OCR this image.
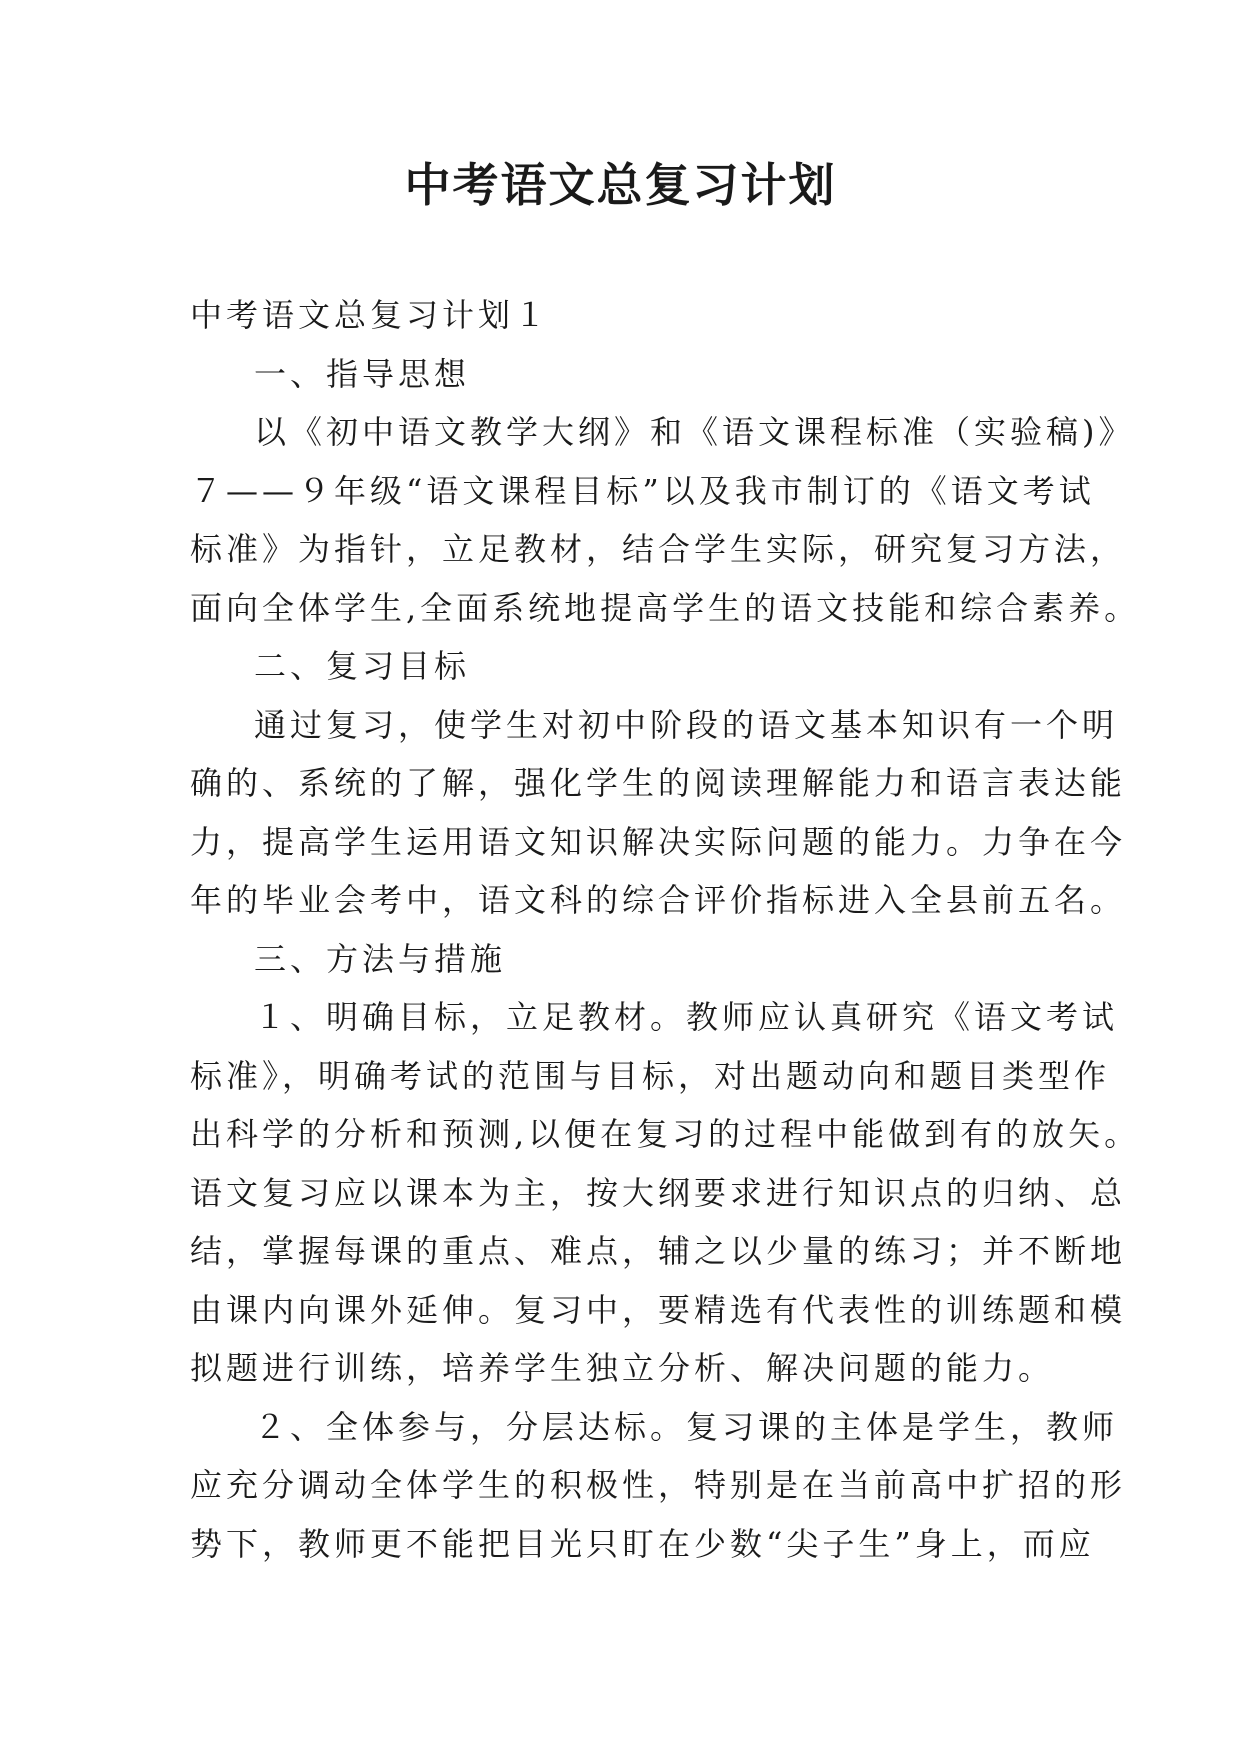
中考语文总复习计划
中考语文总复习计划１
一、指导思想
以《初中语文教学大纲》和《语文课程标准（实验稿)》
７——９年级“语文课程目标”以及我市制订的《语文考试
标准》为指针，立足教材，结合学生实际，研究复习方法，
面向全体学生,全面系统地提高学生的语文技能和综合素养。
二、复习目标
通过复习，使学生对初中阶段的语文基本知识有一个明
确的、系统的了解，强化学生的阅读理解能力和语言表达能
力，提高学生运用语文知识解决实际问题的能力。力争在今
年的毕业会考中，语文科的综合评价指标进入全县前五名。
三、方法与措施
１、明确目标，立足教材。教师应认真研究《语文考试
标准》，明确考试的范围与目标，对出题动向和题目类型作
出科学的分析和预测,以便在复习的过程中能做到有的放矢。
语文复习应以课本为主，按大纲要求进行知识点的归纳、总
结，掌握每课的重点、难点，辅之以少量的练习；并不断地
由课内向课外延伸。复习中，要精选有代表性的训练题和模
拟题进行训练，培养学生独立分析、解决问题的能力。
２、全体参与，分层达标。复习课的主体是学生，教师
应充分调动全体学生的积极性，特别是在当前高中扩招的形
势下，教师更不能把目光只盯在少数“尖子生”身上，而应
